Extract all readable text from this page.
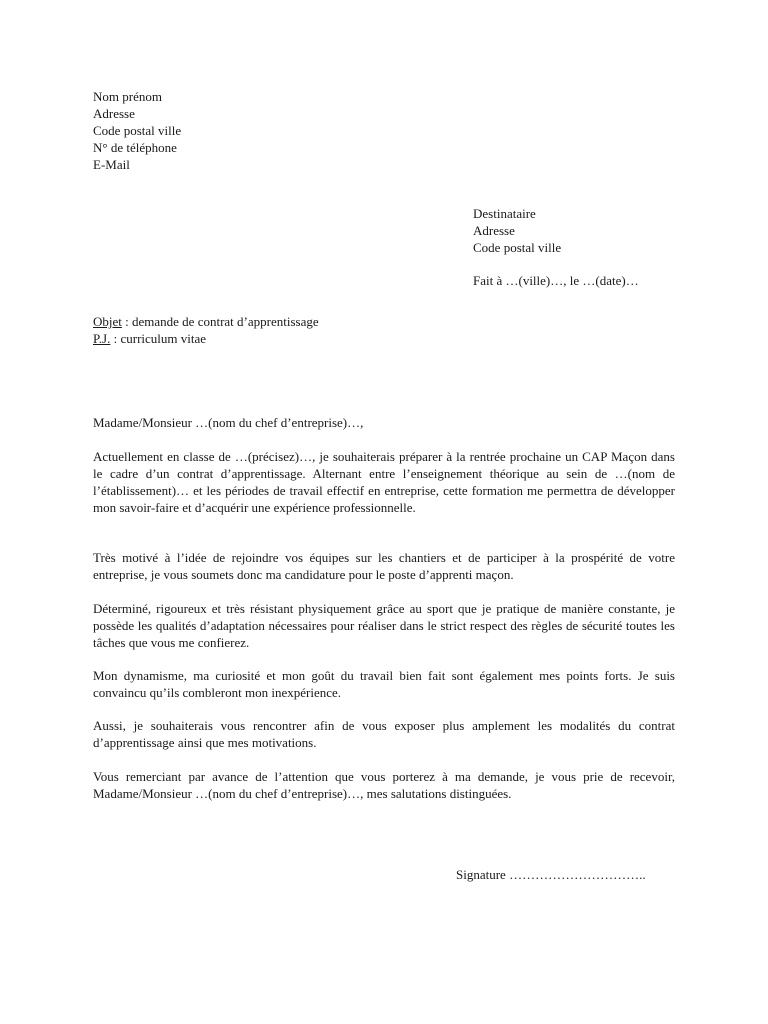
Nom prénom
Adresse
Code postal ville
N° de téléphone
E-Mail
Destinataire
Adresse
Code postal ville
Fait à …(ville)…, le …(date)…
Objet : demande de contrat d’apprentissage
P.J. : curriculum vitae

Madame/Monsieur …(nom du chef d’entreprise)…,

Actuellement en classe de …(précisez)…, je souhaiterais préparer à la rentrée prochaine un CAP Maçon dans le cadre d’un contrat d’apprentissage. Alternant entre l’enseignement théorique au sein de …(nom de l’établissement)… et les périodes de travail effectif en entreprise, cette formation me permettra de développer mon savoir-faire et d’acquérir une expérience professionnelle.

Très motivé à l’idée de rejoindre vos équipes sur les chantiers et de participer à la prospérité de votre entreprise, je vous soumets donc ma candidature pour le poste d’apprenti maçon.

Déterminé, rigoureux et très résistant physiquement grâce au sport que je pratique de manière constante, je possède les qualités d’adaptation nécessaires pour réaliser dans le strict respect des règles de sécurité toutes les tâches que vous me confierez.

Mon dynamisme, ma curiosité et mon goût du travail bien fait sont également mes points forts. Je suis convaincu qu’ils combleront mon inexpérience.

Aussi, je souhaiterais vous rencontrer afin de vous exposer plus amplement les modalités du contrat d’apprentissage ainsi que mes motivations.

Vous remerciant par avance de l’attention que vous porterez à ma demande, je vous prie de recevoir, Madame/Monsieur …(nom du chef d’entreprise)…, mes salutations distinguées.

Signature …………………………..
